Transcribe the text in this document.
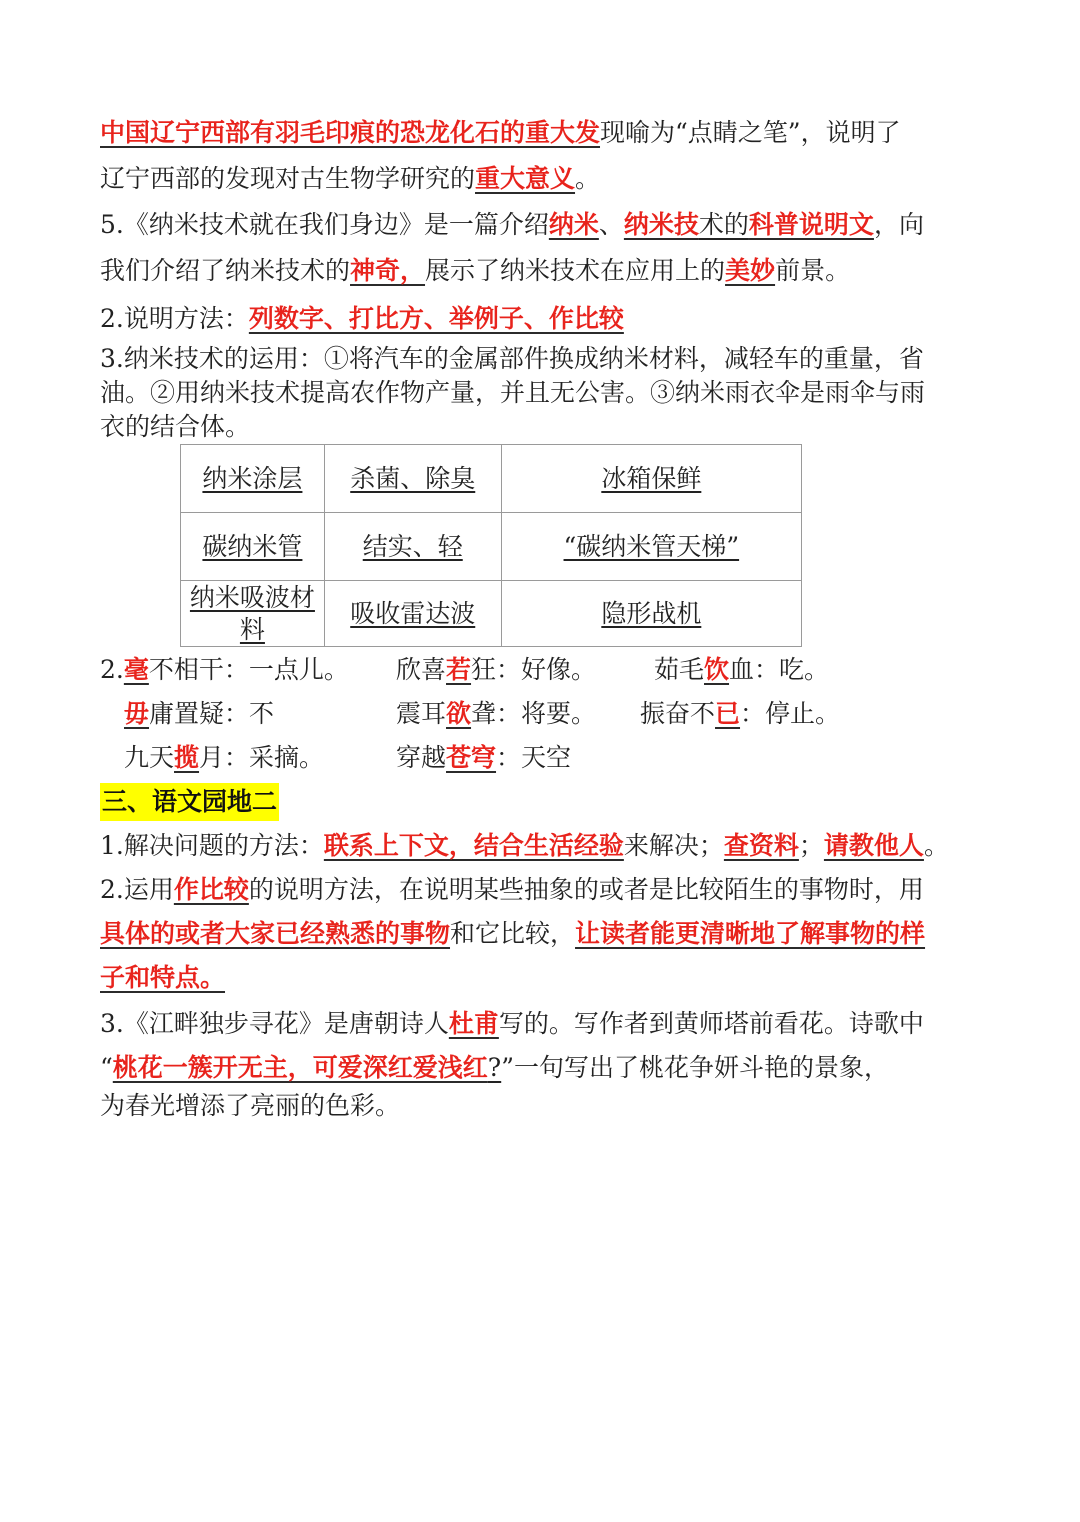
中国辽宁西部有羽毛印痕的恐龙化石的重大发现喻为“点睛之笔”，说明了
辽宁西部的发现对古生物学研究的重大意义。
5.《纳米技术就在我们身边》是一篇介绍纳米、纳米技术的科普说明文，向
我们介绍了纳米技术的神奇，展示了纳米技术在应用上的美妙前景。
2.说明方法：列数字、打比方、举例子、作比较
3.纳米技术的运用：①将汽车的金属部件换成纳米材料，减轻车的重量，省
油。②用纳米技术提高农作物产量，并且无公害。③纳米雨衣伞是雨伞与雨
衣的结合体。
纳米涂层	杀菌、除臭	冰箱保鲜
碳纳米管	结实、轻	“碳纳米管天梯”
纳米吸波材料	吸收雷达波	隐形战机
2.毫不相干：一点儿。 欣喜若狂：好像。 茹毛饮血：吃。
毋庸置疑：不	震耳欲聋：将要。 振奋不已：停止。
九天揽月：采摘。	穿越苍穹：天空
三、语文园地二
1.解决问题的方法：联系上下文，结合生活经验来解决；查资料；请教他人。
2.运用作比较的说明方法，在说明某些抽象的或者是比较陌生的事物时，用
具体的或者大家已经熟悉的事物和它比较，让读者能更清晰地了解事物的样
子和特点。
3.《江畔独步寻花》是唐朝诗人杜甫写的。写作者到黄师塔前看花。诗歌中
“桃花一簇开无主，可爱深红爱浅红?”一句写出了桃花争妍斗艳的景象，
为春光增添了亮丽的色彩。
